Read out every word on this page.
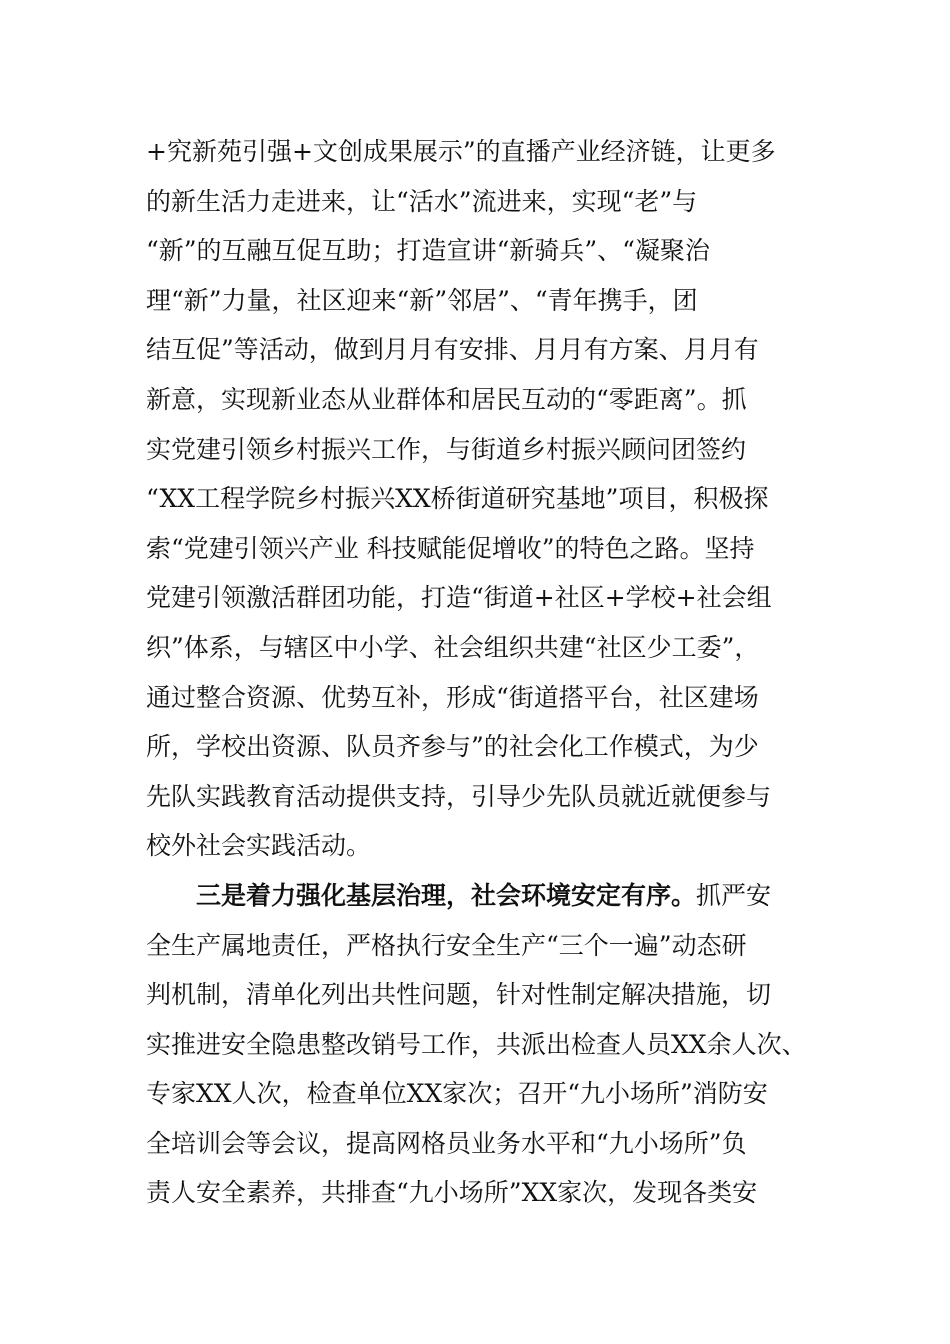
+究新苑引强+文创成果展示”的直播产业经济链，让更多
的新生活力走进来，让“活水”流进来，实现“老”与
“新”的互融互促互助；打造宣讲“新骑兵”、“凝聚治
理“新”力量，社区迎来“新”邻居”、“青年携手，团
结互促”等活动，做到月月有安排、月月有方案、月月有
新意，实现新业态从业群体和居民互动的“零距离”。抓
实党建引领乡村振兴工作，与街道乡村振兴顾问团签约
“XX工程学院乡村振兴XX桥街道研究基地”项目，积极探
索“党建引领兴产业 科技赋能促增收”的特色之路。坚持
党建引领激活群团功能，打造“街道+社区+学校+社会组
织”体系，与辖区中小学、社会组织共建“社区少工委”，
通过整合资源、优势互补，形成“街道搭平台，社区建场
所，学校出资源、队员齐参与”的社会化工作模式，为少
先队实践教育活动提供支持，引导少先队员就近就便参与
校外社会实践活动。
三是着力强化基层治理，社会环境安定有序。抓严安
全生产属地责任，严格执行安全生产“三个一遍”动态研
判机制，清单化列出共性问题，针对性制定解决措施，切
实推进安全隐患整改销号工作，共派出检查人员XX余人次、
专家XX人次，检查单位XX家次；召开“九小场所”消防安
全培训会等会议，提高网格员业务水平和“九小场所”负
责人安全素养，共排查“九小场所”XX家次，发现各类安
